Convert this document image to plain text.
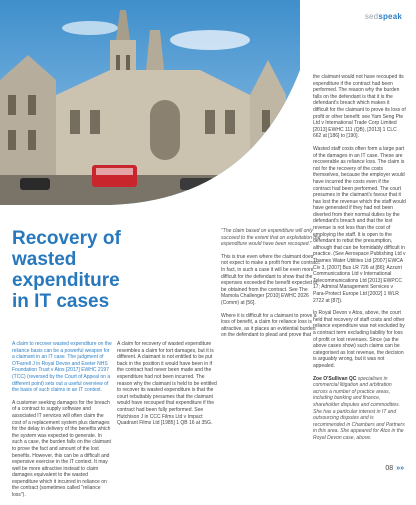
sedspeak
Recovery of wasted expenditure in IT cases

A claim to recover wasted expenditure on the reliance basis can be a powerful weapon for a claimant in an IT case. The judgment of O'Farrell J in Royal Devon and Exeter NHS Foundation Trust v Atos [2017] EWHC 2197 (TCC) (reversed by the Court of Appeal on a different point) sets out a useful overview of the basis of such claims in an IT context.

A customer seeking damages for the breach of a contract to supply software and associated IT services will often claim the cost of a replacement system plus damages for the delay in delivery of the benefits which the system was expected to generate. In such a case, the burden falls on the claimant to prove the fact and amount of the lost benefits. However, this can be a difficult and expensive exercise in the IT context. It may well be more attractive instead to claim damages equivalent to the wasted expenditure which it incurred in reliance on the contract (sometimes called "reliance loss").

A claim for recovery of wasted expenditure resembles a claim for tort damages, but it is different. A claimant is not entitled to be put back in the position it would have been in if the contract had never been made and the expenditure had not been incurred. The reason why the claimant is held to be entitled to recover its wasted expenditure is that the court rebuttably presumes that the claimant would have recouped that expenditure if the contract had been fully performed. See Hutchison J in CCC Films Ltd v Impact Quadrant Films Ltd [1985] 1 QB 16 at 35G.

"The claim based on expenditure will only succeed to the extent that on exploitation the expenditure would have been recouped."

This is true even where the claimant does not expect to make a profit from the contract. In fact, in such a case it will be even more difficult for the defendant to show that the expenses exceeded the benefit expected to be obtained from the contract. See The Mamola Challenger [2010] EWHC 2026 (Comm) at [56].

Where it is difficult for a claimant to prove a loss of benefit, a claim for reliance loss is attractive, as it places an evidential burden on the defendant to plead and prove that

the claimant would not have recouped its expenditure if the contract had been performed. The reason why the burden falls on the defendant is that it is the defendant's breach which makes it difficult for the claimant to prove its loss of profit or other benefit: see Yam Seng Pte Ltd v International Trade Corp Limited [2013] EWHC 111 (QB), [2013] 1 CLC 662 at [186] to [190].

Wasted staff costs often form a large part of the damages in an IT case. These are recoverable as reliance loss. The claim is not for the recovery of the costs themselves, because the employer would have incurred the costs even if the contract had been performed. The court presumes in the claimant's favour that it has lost the revenue which the staff would have generated if they had not been diverted from their normal duties by the defendant's breach and that the lost revenue is not less than the cost of employing the staff. It is open to the defendant to rebut the presumption, although that can be formidably difficult in practice. (See Aerospace Publishing Ltd v Thames Water Utilities Ltd [2007] EWCA Civ 3, [2007] Bus LR 726 at [86]; Azzurri Communications Ltd v International Telecommunications Ltd [2013] EWPCC 17; Admiral Management Services v Para-Protect Europe Ltd [2002] 1 WLR 2722 at [87]).

In Royal Devon v Atos, above, the court held that recovery of staff costs and other reliance expenditure was not excluded by a contract term excluding liability for loss of profit or lost revenues. Since (as the above cases show) such claims can be categorised as lost revenue, the decision is arguably wrong, but it was not appealed.

Zoe O'Sullivan QC specialises in commercial litigation and arbitration across a number of practice areas, including banking and finance, shareholder disputes and commodities. She has a particular interest in IT and outsourcing disputes and is recommended in Chambers and Partners in this area. She appeared for Atos in the Royal Devon case, above.

08 »»
